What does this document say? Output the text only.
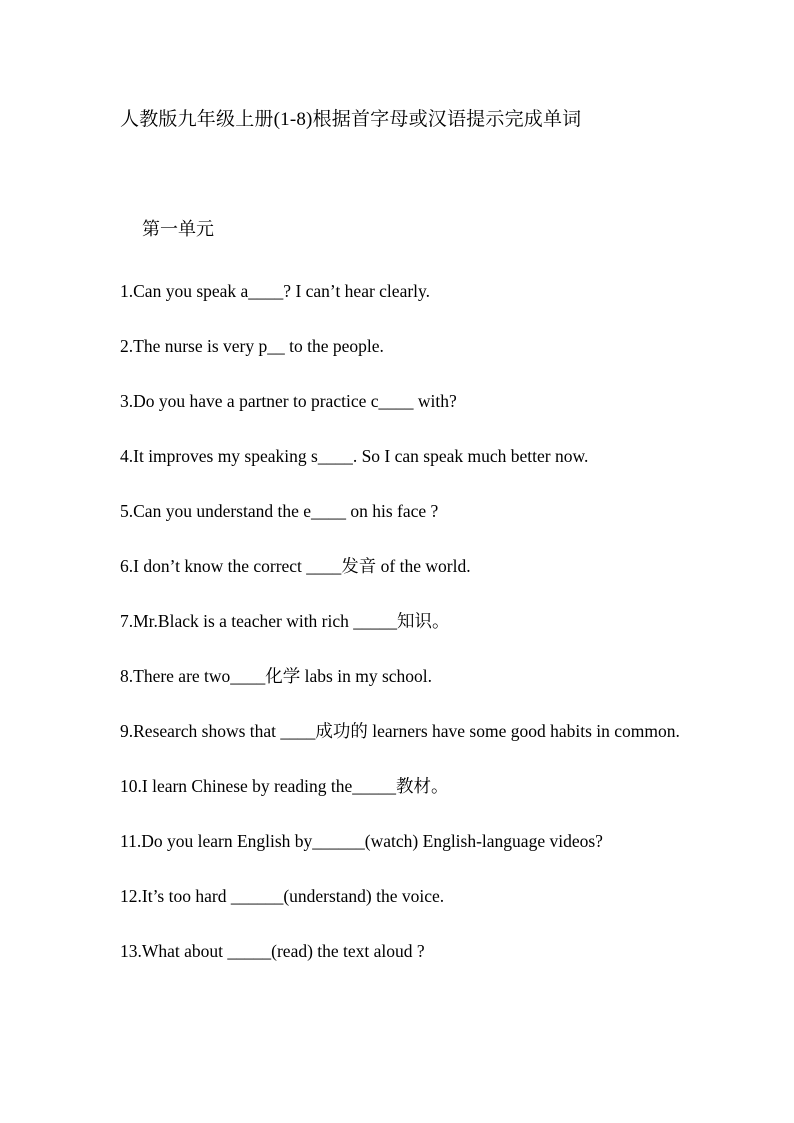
人教版九年级上册(1-8)根据首字母或汉语提示完成单词
第一单元
1.Can you speak a____? I can’t hear clearly.
2.The nurse is very p__ to the people.
3.Do you have a partner to practice c____ with?
4.It improves my speaking s____. So I can speak much better now.
5.Can you understand the e____ on his face ?
6.I don’t know the correct ____发音 of the world.
7.Mr.Black is a teacher with rich _____知识。
8.There are two____化学 labs in my school.
9.Research shows that ____成功的 learners have some good habits in common.
10.I learn Chinese by reading the_____教材。
11.Do you learn English by______(watch) English-language videos?
12.It’s too hard ______(understand) the voice.
13.What about _____(read) the text aloud ?
